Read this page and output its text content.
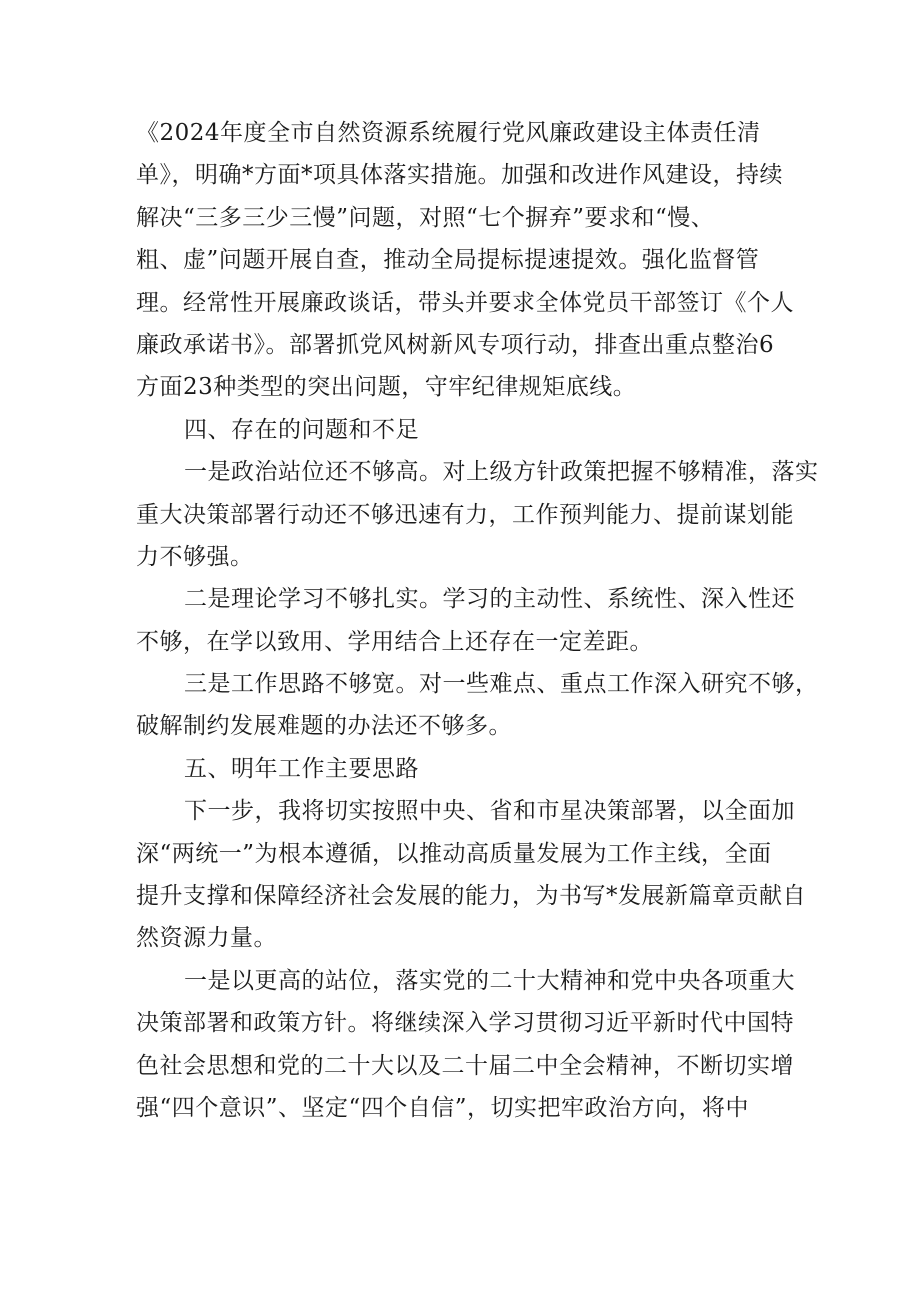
《2024年度全市自然资源系统履行党风廉政建设主体责任清
单》，明确*方面*项具体落实措施。加强和改进作风建设，持续
解决“三多三少三慢”问题，对照“七个摒弃”要求和“慢、
粗、虚”问题开展自查，推动全局提标提速提效。强化监督管
理。经常性开展廉政谈话，带头并要求全体党员干部签订《个人
廉政承诺书》。部署抓党风树新风专项行动，排查出重点整治6
方面23种类型的突出问题，守牢纪律规矩底线。
四、存在的问题和不足
一是政治站位还不够高。对上级方针政策把握不够精准，落实
重大决策部署行动还不够迅速有力，工作预判能力、提前谋划能
力不够强。
二是理论学习不够扎实。学习的主动性、系统性、深入性还
不够，在学以致用、学用结合上还存在一定差距。
三是工作思路不够宽。对一些难点、重点工作深入研究不够，
破解制约发展难题的办法还不够多。
五、明年工作主要思路
下一步，我将切实按照中央、省和市星决策部署，以全面加
深“两统一”为根本遵循，以推动高质量发展为工作主线，全面
提升支撑和保障经济社会发展的能力，为书写*发展新篇章贡献自
然资源力量。
一是以更高的站位，落实党的二十大精神和党中央各项重大
决策部署和政策方针。将继续深入学习贯彻习近平新时代中国特
色社会思想和党的二十大以及二十届二中全会精神，不断切实增
强“四个意识”、坚定“四个自信”，切实把牢政治方向，将中
